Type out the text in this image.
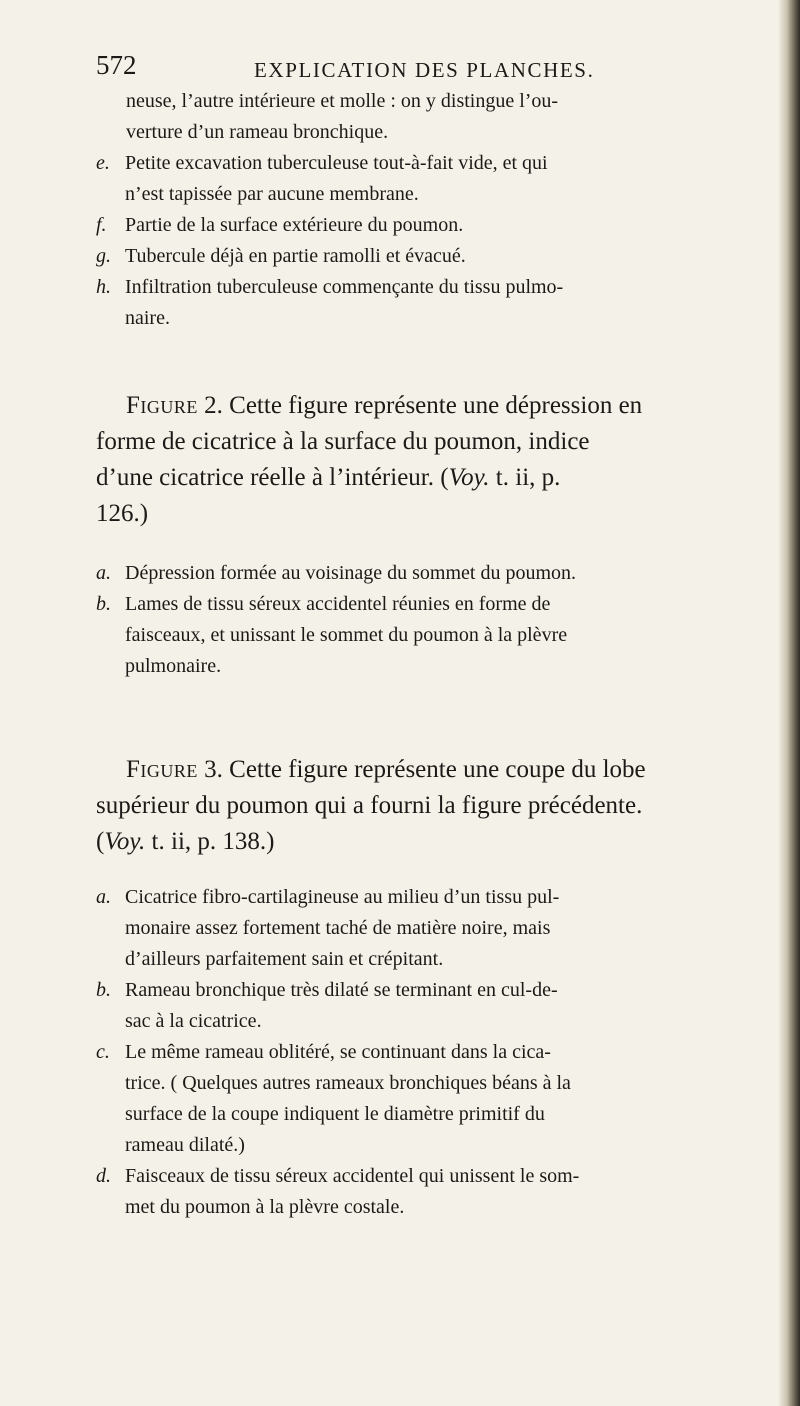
572	EXPLICATION DES PLANCHES.

neuse, l’autre intérieure et molle : on y distingue l’ou-

verture d’un rameau bronchique.

e. Petite excavation tuberculeuse tout-à-fait vide, et qui

n’est tapissée par aucune membrane.

f. Partie de la surface extérieure du poumon.

g. Tubercule déjà en partie ramolli et évacué.

h. Infiltration tuberculeuse commençante du tissu pulmo-

naire.

Figure 2. Cette figure représente une dépression en

forme de cicatrice à la surface du poumon, indice

d’une cicatrice réelle à l’intérieur. (Voy. t. ii, p.

126.)

a. Dépression formée au voisinage du sommet du poumon.

b. Lames de tissu séreux accidentel réunies en forme de

faisceaux, et unissant le sommet du poumon à la plèvre

pulmonaire.

Figure 3. Cette figure représente une coupe du lobe

supérieur du poumon qui a fourni la figure précédente.

(Voy. t. ii, p. 138.)

a. Cicatrice fibro-cartilagineuse au milieu d’un tissu pul-

monaire assez fortement taché de matière noire, mais

d’ailleurs parfaitement sain et crépitant.

b. Rameau bronchique très dilaté se terminant en cul-de-

sac à la cicatrice.

c. Le même rameau oblitéré, se continuant dans la cica-

trice. ( Quelques autres rameaux bronchiques béans à la

surface de la coupe indiquent le diamètre primitif du

rameau dilaté.)

d. Faisceaux de tissu séreux accidentel qui unissent le som-

met du poumon à la plèvre costale.
